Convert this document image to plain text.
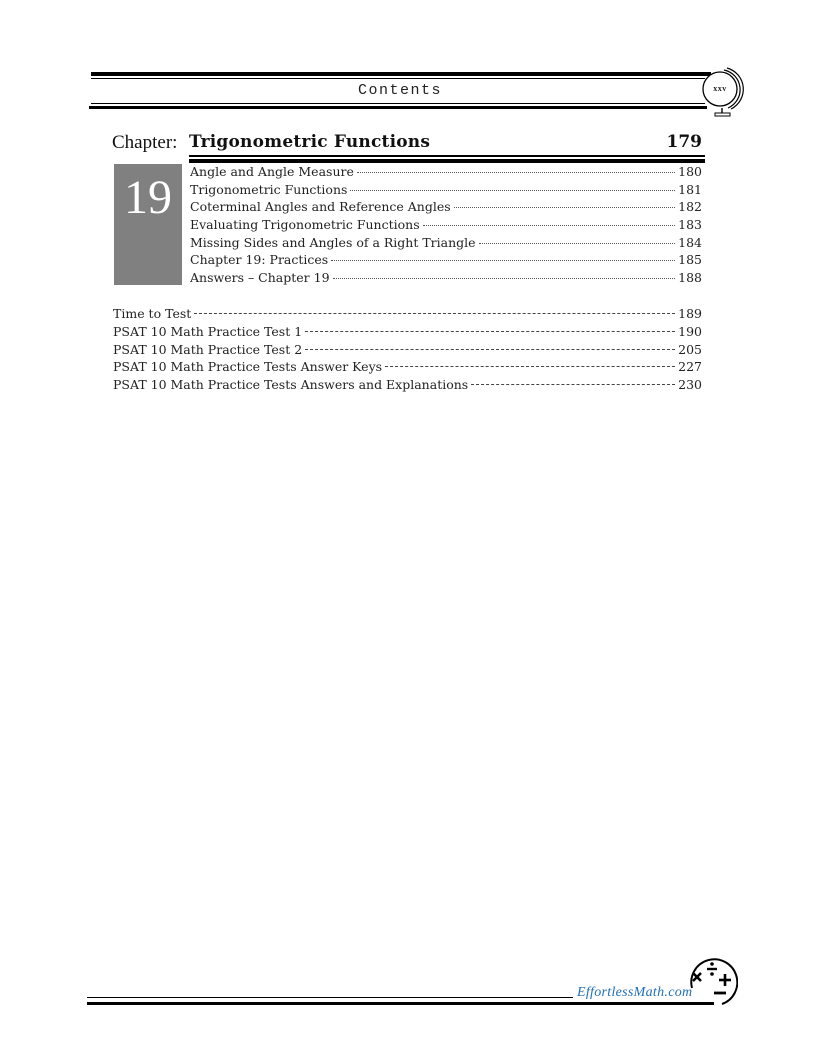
Contents	xxv
Chapter: Trigonometric Functions	179
19	Angle and Angle Measure	180
Trigonometric Functions	181
Coterminal Angles and Reference Angles	182
Evaluating Trigonometric Functions	183
Missing Sides and Angles of a Right Triangle	184
Chapter 19: Practices	185
Answers – Chapter 19	188
Time to Test	189
PSAT 10 Math Practice Test 1	190
PSAT 10 Math Practice Test 2	205
PSAT 10 Math Practice Tests Answer Keys	227
PSAT 10 Math Practice Tests Answers and Explanations	230
EffortlessMath.com
